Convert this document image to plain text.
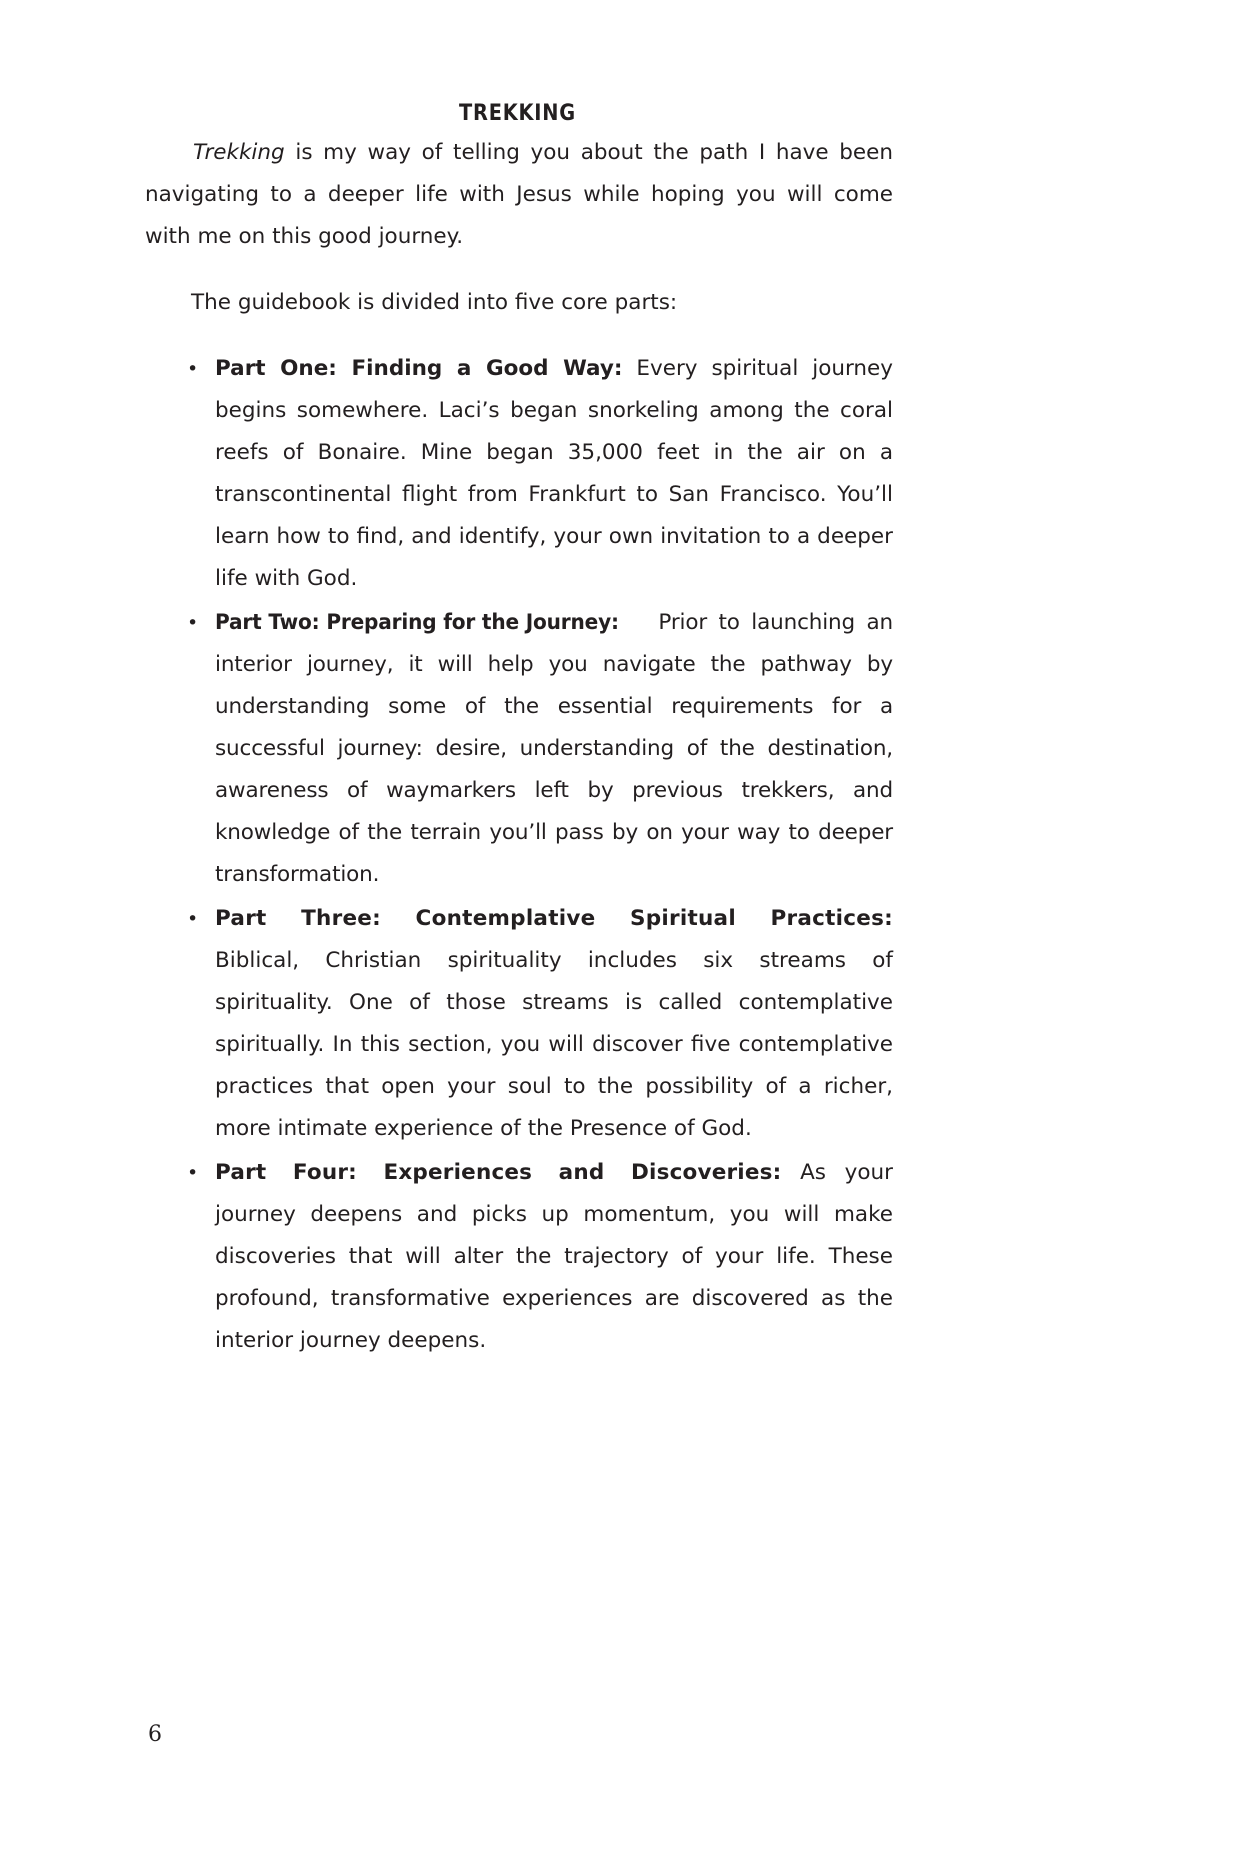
TREKKING

Trekking is my way of telling you about the path I have been navigating to a deeper life with Jesus while hoping you will come with me on this good journey.

The guidebook is divided into five core parts:

• Part One: Finding a Good Way: Every spiritual journey begins somewhere. Laci’s began snorkeling among the coral reefs of Bonaire. Mine began 35,000 feet in the air on a transcontinental flight from Frankfurt to San Francisco. You’ll learn how to find, and identify, your own invitation to a deeper life with God.
• Part Two: Preparing for the Journey: Prior to launching an interior journey, it will help you navigate the pathway by understanding some of the essential requirements for a successful journey: desire, understanding of the destination, awareness of waymarkers left by previous trekkers, and knowledge of the terrain you’ll pass by on your way to deeper transformation.
• Part Three: Contemplative Spiritual Practices: Biblical, Christian spirituality includes six streams of spirituality. One of those streams is called contemplative spiritually. In this section, you will discover five contemplative practices that open your soul to the possibility of a richer, more intimate experience of the Presence of God.
• Part Four: Experiences and Discoveries: As your journey deepens and picks up momentum, you will make discoveries that will alter the trajectory of your life. These profound, transformative experiences are discovered as the interior journey deepens.
6
